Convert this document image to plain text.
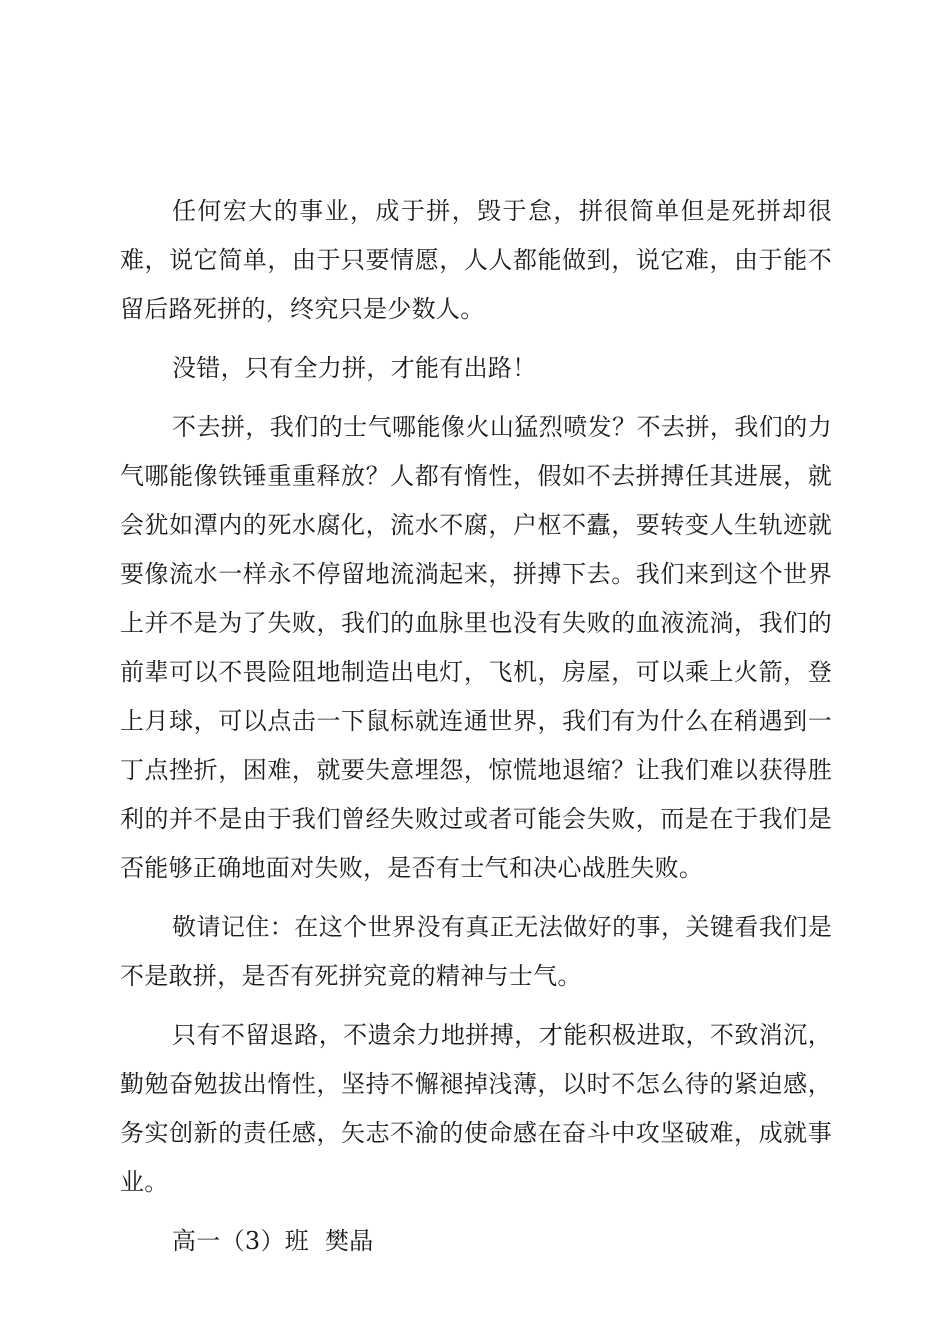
任何宏大的事业，成于拼，毁于怠，拼很简单但是死拼却很难，说它简单，由于只要情愿，人人都能做到，说它难，由于能不留后路死拼的，终究只是少数人。

没错，只有全力拼，才能有出路！

不去拼，我们的士气哪能像火山猛烈喷发？不去拼，我们的力气哪能像铁锤重重释放？人都有惰性，假如不去拼搏任其进展，就会犹如潭内的死水腐化，流水不腐，户枢不蠹，要转变人生轨迹就要像流水一样永不停留地流淌起来，拼搏下去。我们来到这个世界上并不是为了失败，我们的血脉里也没有失败的血液流淌，我们的前辈可以不畏险阻地制造出电灯，飞机，房屋，可以乘上火箭，登上月球，可以点击一下鼠标就连通世界，我们有为什么在稍遇到一丁点挫折，困难，就要失意埋怨，惊慌地退缩？让我们难以获得胜利的并不是由于我们曾经失败过或者可能会失败，而是在于我们是否能够正确地面对失败，是否有士气和决心战胜失败。

敬请记住：在这个世界没有真正无法做好的事，关键看我们是不是敢拼，是否有死拼究竟的精神与士气。

只有不留退路，不遗余力地拼搏，才能积极进取，不致消沉，勤勉奋勉拔出惰性，坚持不懈褪掉浅薄，以时不怎么待的紧迫感，务实创新的责任感，矢志不渝的使命感在奋斗中攻坚破难，成就事业。

高一（3）班  樊晶
